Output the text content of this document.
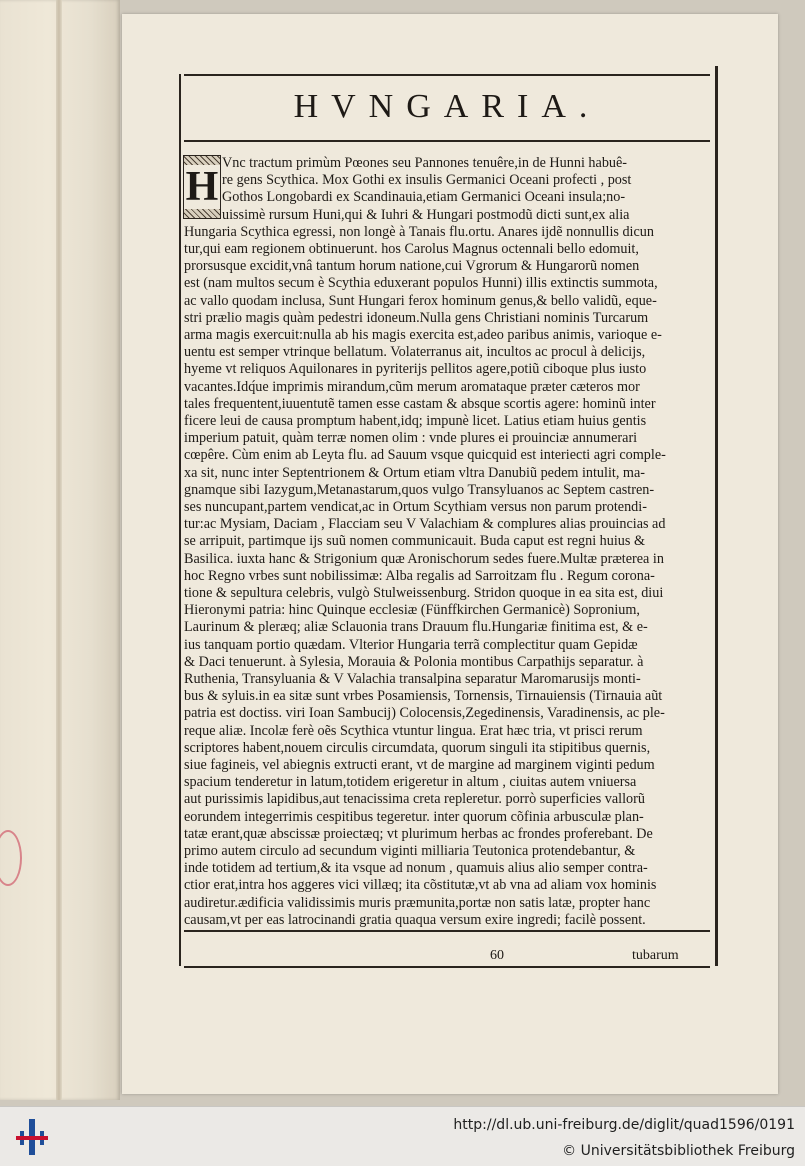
HVNGARIA.
H
Vnc tractum primùm Pœones seu Pannones tenuêre,in de Hunni habuê-
re gens Scythica. Mox Gothi ex insulis Germanici Oceani profecti , post
Gothos Longobardi ex Scandinauia,etiam Germanici Oceani insula;no-
uissimè rursum Huni,qui & Iuhri & Hungari postmodũ dicti sunt,ex alia
Hungaria Scythica egressi, non longè à Tanais flu.ortu. Anares ijdẽ nonnullis dicun
tur,qui eam regionem obtinuerunt. hos Carolus Magnus octennali bello edomuit,
prorsusque excidit,vnâ tantum horum natione,cui Vgrorum & Hungarorũ nomen
est (nam multos secum è Scythia eduxerant populos Hunni) illis extinctis summota,
ac vallo quodam inclusa, Sunt Hungari ferox hominum genus,& bello validũ, eque-
stri prælio magis quàm pedestri idoneum.Nulla gens Christiani nominis Turcarum
arma magis exercuit:nulla ab his magis exercita est,adeo paribus animis, varioque e-
uentu est semper vtrinque bellatum. Volaterranus ait, incultos ac procul à delicijs,
hyeme vt reliquos Aquilonares in pyriterijs pellitos agere,potiũ ciboque plus iusto
vacantes.Idq́ue imprimis mirandum,cũm merum aromataque præter cæteros mor
tales frequentent,iuuentutẽ tamen esse castam & absque scortis agere: hominũ inter
ficere leui de causa promptum habent,idq; impunè licet. Latius etiam huius gentis
imperium patuit, quàm terræ nomen olim : vnde plures ei prouinciæ annumerari
cœpêre. Cùm enim ab Leyta flu. ad Sauum vsque quicquid est interiecti agri comple-
xa sit, nunc inter Septentrionem & Ortum etiam vltra Danubiũ pedem intulit, ma-
gnamque sibi Iazygum,Metanastarum,quos vulgo Transyluanos ac Septem castren-
ses nuncupant,partem vendicat,ac in Ortum Scythiam versus non parum protendi-
tur:ac Mysiam, Daciam , Flacciam seu V Valachiam & complures alias prouincias ad
se arripuit, partimque ijs suũ nomen communicauit. Buda caput est regni huius &
Basilica. iuxta hanc & Strigonium quæ Aronischorum sedes fuere.Multæ præterea in
hoc Regno vrbes sunt nobilissimæ: Alba regalis ad Sarroitzam flu . Regum corona-
tione & sepultura celebris, vulgò Stulweissenburg. Stridon quoque in ea sita est, diui
Hieronymi patria: hinc Quinque ecclesiæ (Fünffkirchen Germanicè) Sopronium,
Laurinum & pleræq; aliæ Sclauonia trans Drauum flu.Hungariæ finitima est, & e-
ius tanquam portio quædam. Vlterior Hungaria terrã complectitur quam Gepidæ
& Daci tenuerunt. à Sylesia, Morauia & Polonia montibus Carpathijs separatur. à
Ruthenia, Transyluania & V Valachia transalpina separatur Maromarusijs monti-
bus & syluis.in ea sitæ sunt vrbes Posamiensis, Tornensis, Tirnauiensis (Tirnauia aũt
patria est doctiss. viri Ioan Sambucij) Colocensis,Zegedinensis, Varadinensis, ac ple-
reque aliæ. Incolæ ferè oẽs Scythica vtuntur lingua. Erat hæc tria, vt prisci rerum
scriptores habent,nouem circulis circumdata, quorum singuli ita stipitibus quernis,
siue fagineis, vel abiegnis extructi erant, vt de margine ad marginem viginti pedum
spacium tenderetur in latum,totidem erigeretur in altum , ciuitas autem vniuersa
aut purissimis lapidibus,aut tenacissima creta repleretur. porrò superficies vallorũ
eorundem integerrimis cespitibus tegeretur. inter quorum cõfinia arbusculæ plan-
tatæ erant,quæ abscissæ proiectæq; vt plurimum herbas ac frondes proferebant. De
primo autem circulo ad secundum viginti milliaria Teutonica protendebantur, &
inde totidem ad tertium,& ita vsque ad nonum , quamuis alius alio semper contra-
ctior erat,intra hos aggeres vici villæq; ita cõstitutæ,vt ab vna ad aliam vox hominis
audiretur.ædificia validissimis muris præmunita,portæ non satis latæ, propter hanc
causam,vt per eas latrocinandi gratia quaqua versum exire ingredi; facilè possent.
60	tubarum
http://dl.ub.uni-freiburg.de/diglit/quad1596/0191
© Universitätsbibliothek Freiburg
